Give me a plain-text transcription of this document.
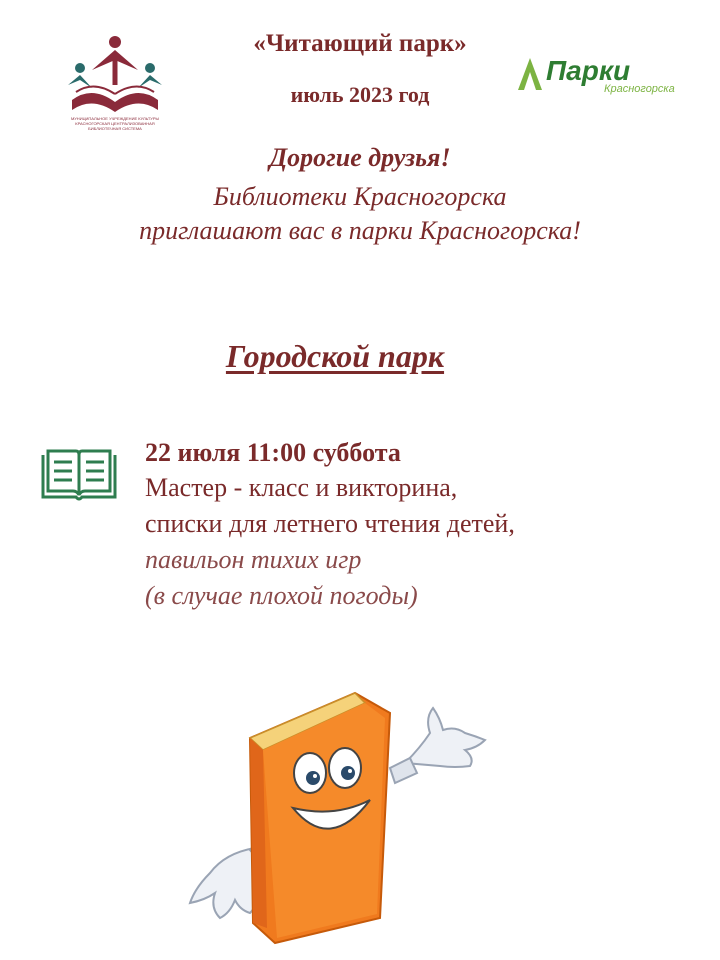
МУНИЦИПАЛЬНОЕ УЧРЕЖДЕНИЕ КУЛЬТУРЫ
КРАСНОГОРСКАЯ ЦЕНТРАЛИЗОВАННАЯ
БИБЛИОТЕЧНАЯ СИСТЕМА
«Читающий парк»
июль 2023 год
Парки
Красногорска
Дорогие друзья!
Библиотеки Красногорска
приглашают вас в парки Красногорска!
Городской парк
22 июля 11:00 суббота
Мастер - класс и викторина,
списки для летнего чтения детей,
павильон тихих игр
(в случае плохой погоды)
